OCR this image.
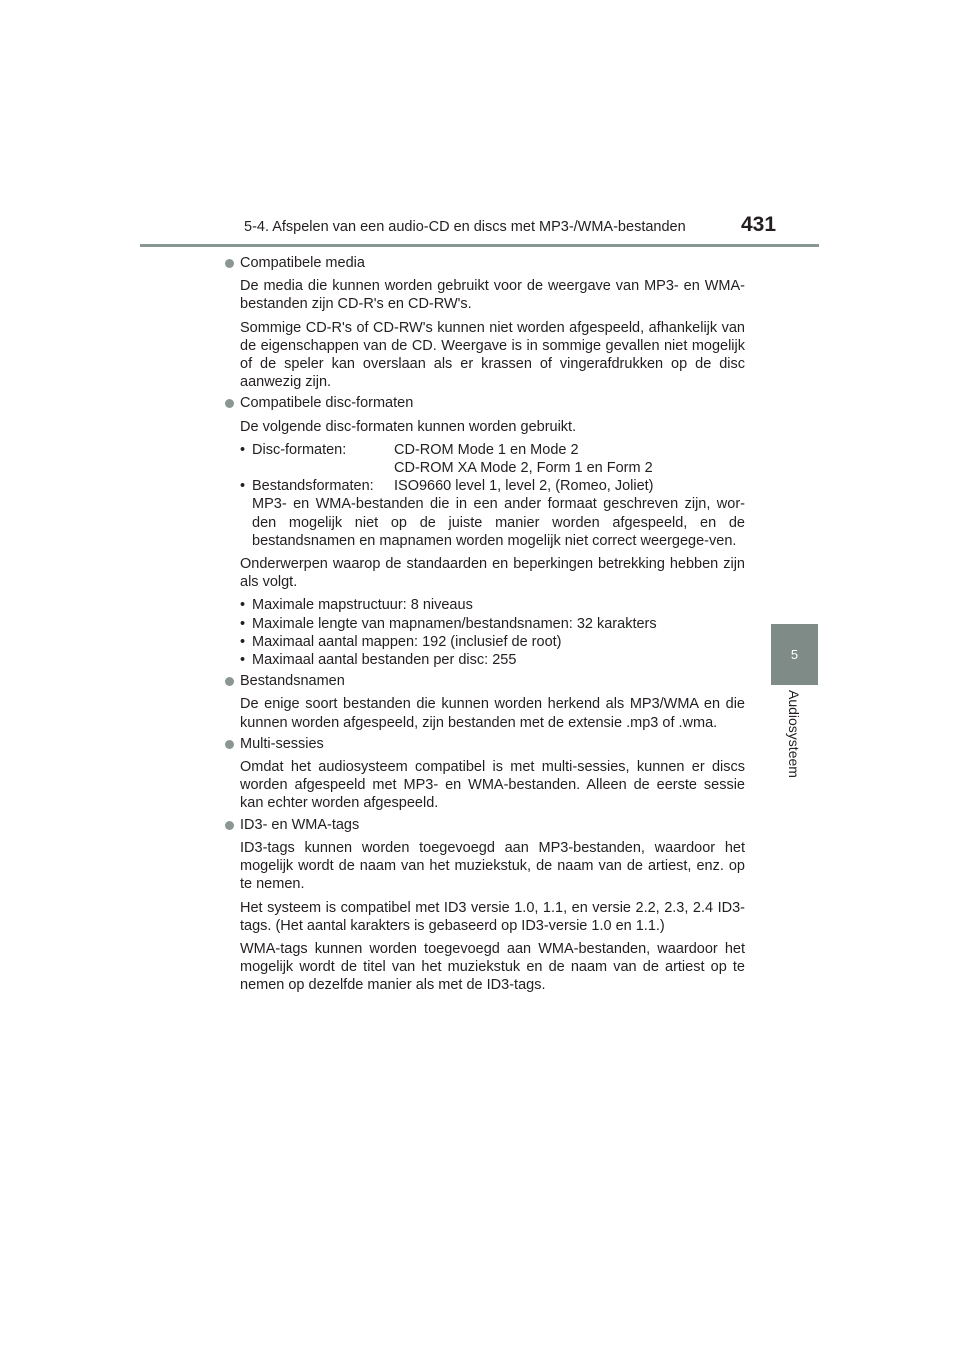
5-4. Afspelen van een audio-CD en discs met MP3-/WMA-bestanden	431
5
Audiosysteem
Compatibele media
De media die kunnen worden gebruikt voor de weergave van MP3- en WMA-bestanden zijn CD-R's en CD-RW's.
Sommige CD-R's of CD-RW's kunnen niet worden afgespeeld, afhankelijk van de eigenschappen van de CD. Weergave is in sommige gevallen niet mogelijk of de speler kan overslaan als er krassen of vingerafdrukken op de disc aanwezig zijn.
Compatibele disc-formaten
De volgende disc-formaten kunnen worden gebruikt.
• Disc-formaten:	CD-ROM Mode 1 en Mode 2
CD-ROM XA Mode 2, Form 1 en Form 2
• Bestandsformaten:	ISO9660 level 1, level 2, (Romeo, Joliet)
MP3- en WMA-bestanden die in een ander formaat geschreven zijn, wor-den mogelijk niet op de juiste manier worden afgespeeld, en de bestandsnamen en mapnamen worden mogelijk niet correct weergege-ven.
Onderwerpen waarop de standaarden en beperkingen betrekking hebben zijn als volgt.
• Maximale mapstructuur: 8 niveaus
• Maximale lengte van mapnamen/bestandsnamen: 32 karakters
• Maximaal aantal mappen: 192 (inclusief de root)
• Maximaal aantal bestanden per disc: 255
Bestandsnamen
De enige soort bestanden die kunnen worden herkend als MP3/WMA en die kunnen worden afgespeeld, zijn bestanden met de extensie .mp3 of .wma.
Multi-sessies
Omdat het audiosysteem compatibel is met multi-sessies, kunnen er discs worden afgespeeld met MP3- en WMA-bestanden. Alleen de eerste sessie kan echter worden afgespeeld.
ID3- en WMA-tags
ID3-tags kunnen worden toegevoegd aan MP3-bestanden, waardoor het mogelijk wordt de naam van het muziekstuk, de naam van de artiest, enz. op te nemen.
Het systeem is compatibel met ID3 versie 1.0, 1.1, en versie 2.2, 2.3, 2.4 ID3-tags. (Het aantal karakters is gebaseerd op ID3-versie 1.0 en 1.1.)
WMA-tags kunnen worden toegevoegd aan WMA-bestanden, waardoor het mogelijk wordt de titel van het muziekstuk en de naam van de artiest op te nemen op dezelfde manier als met de ID3-tags.
